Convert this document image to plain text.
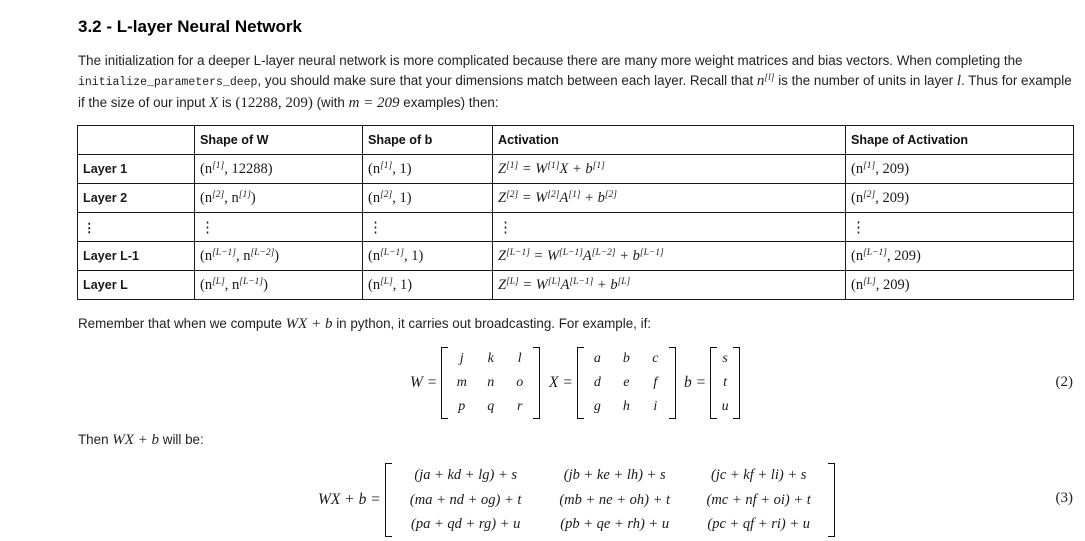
3.2 - L-layer Neural Network
The initialization for a deeper L-layer neural network is more complicated because there are many more weight matrices and bias vectors. When completing the initialize_parameters_deep, you should make sure that your dimensions match between each layer. Recall that n[l] is the number of units in layer l. Thus for example if the size of our input X is (12288, 209) (with m = 209 examples) then:
	Shape of W	Shape of b	Activation	Shape of Activation
Layer 1	(n[1], 12288)	(n[1], 1)	Z[1] = W[1]X + b[1]	(n[1], 209)
Layer 2	(n[2], n[1])	(n[2], 1)	Z[2] = W[2]A[1] + b[2]	(n[2], 209)
⋮	⋮	⋮	⋮	⋮
Layer L-1	(n[L−1], n[L−2])	(n[L−1], 1)	Z[L−1] = W[L−1]A[L−2] + b[L−1]	(n[L−1], 209)
Layer L	(n[L], n[L−1])	(n[L], 1)	Z[L] = W[L]A[L−1] + b[L]	(n[L], 209)
Remember that when we compute WX + b in python, it carries out broadcasting. For example, if:
W =
j	k	l
m	n	o
p	q	r
X =
a	b	c
d	e	f
g	h	i
b =
s
t
u
(2)
Then WX + b will be:
WX + b =
(ja + kd + lg) + s	(jb + ke + lh) + s	(jc + kf + li) + s
(ma + nd + og) + t	(mb + ne + oh) + t	(mc + nf + oi) + t
(pa + qd + rg) + u	(pb + qe + rh) + u	(pc + qf + ri) + u
(3)
